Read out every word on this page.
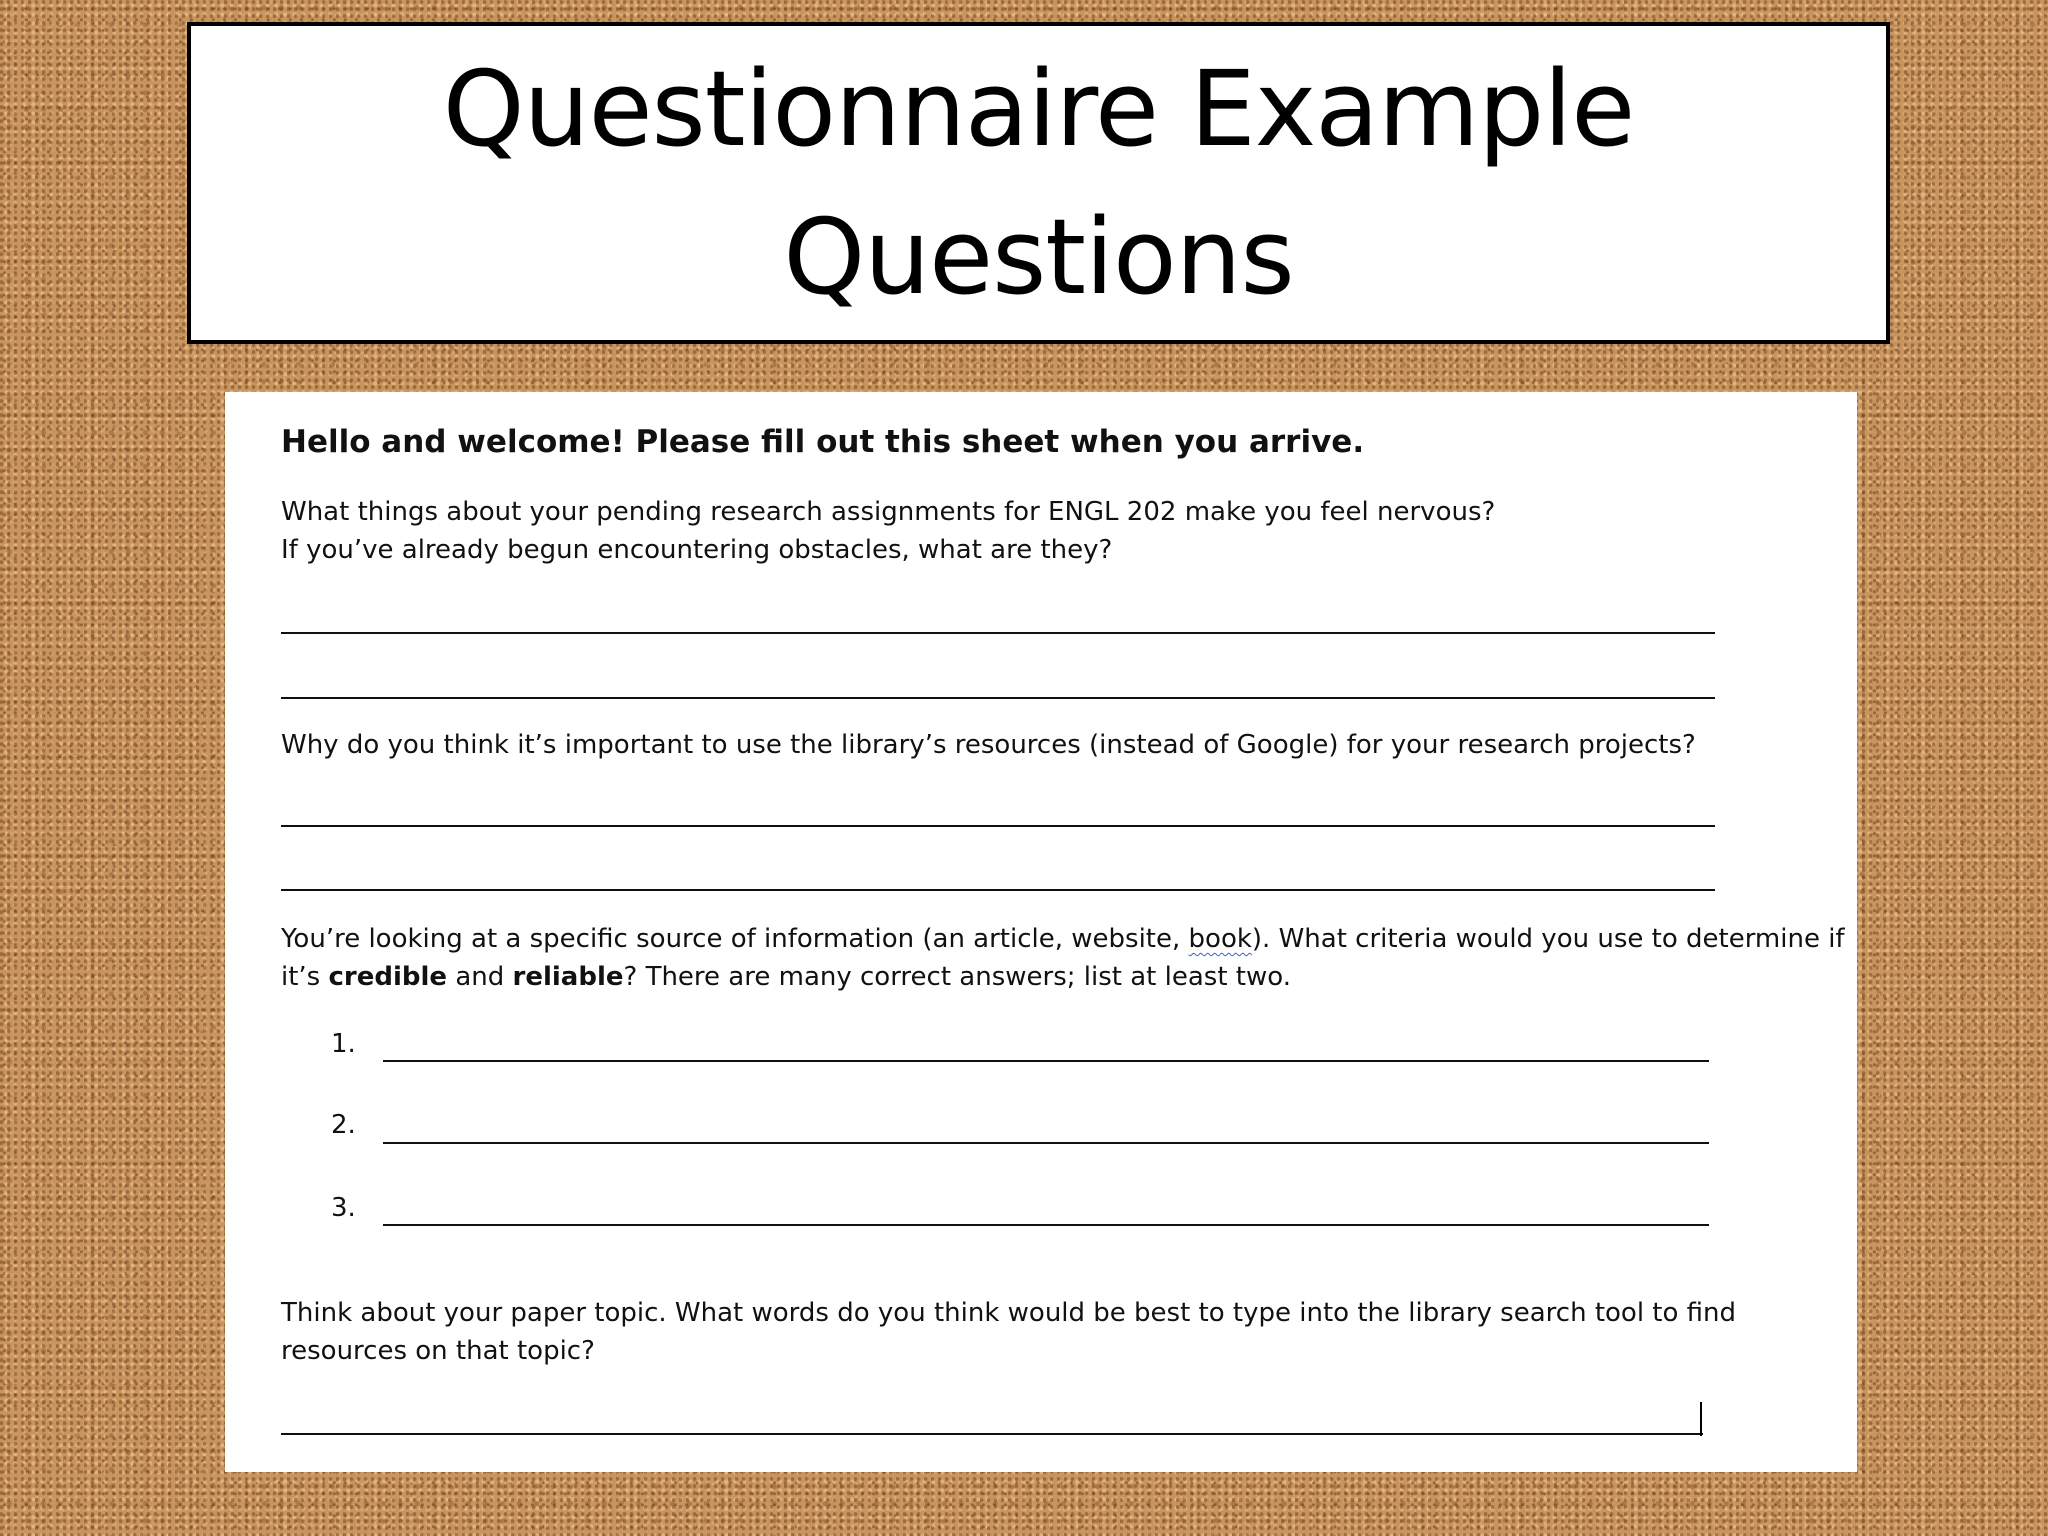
Questionnaire Example
Questions
Hello and welcome! Please fill out this sheet when you arrive.
What things about your pending research assignments for ENGL 202 make you feel nervous?
If you’ve already begun encountering obstacles, what are they?
Why do you think it’s important to use the library’s resources (instead of Google) for your research projects?
You’re looking at a specific source of information (an article, website, book). What criteria would you use to determine if
it’s credible and reliable? There are many correct answers; list at least two.
1.
2.
3.
Think about your paper topic. What words do you think would be best to type into the library search tool to find
resources on that topic?
